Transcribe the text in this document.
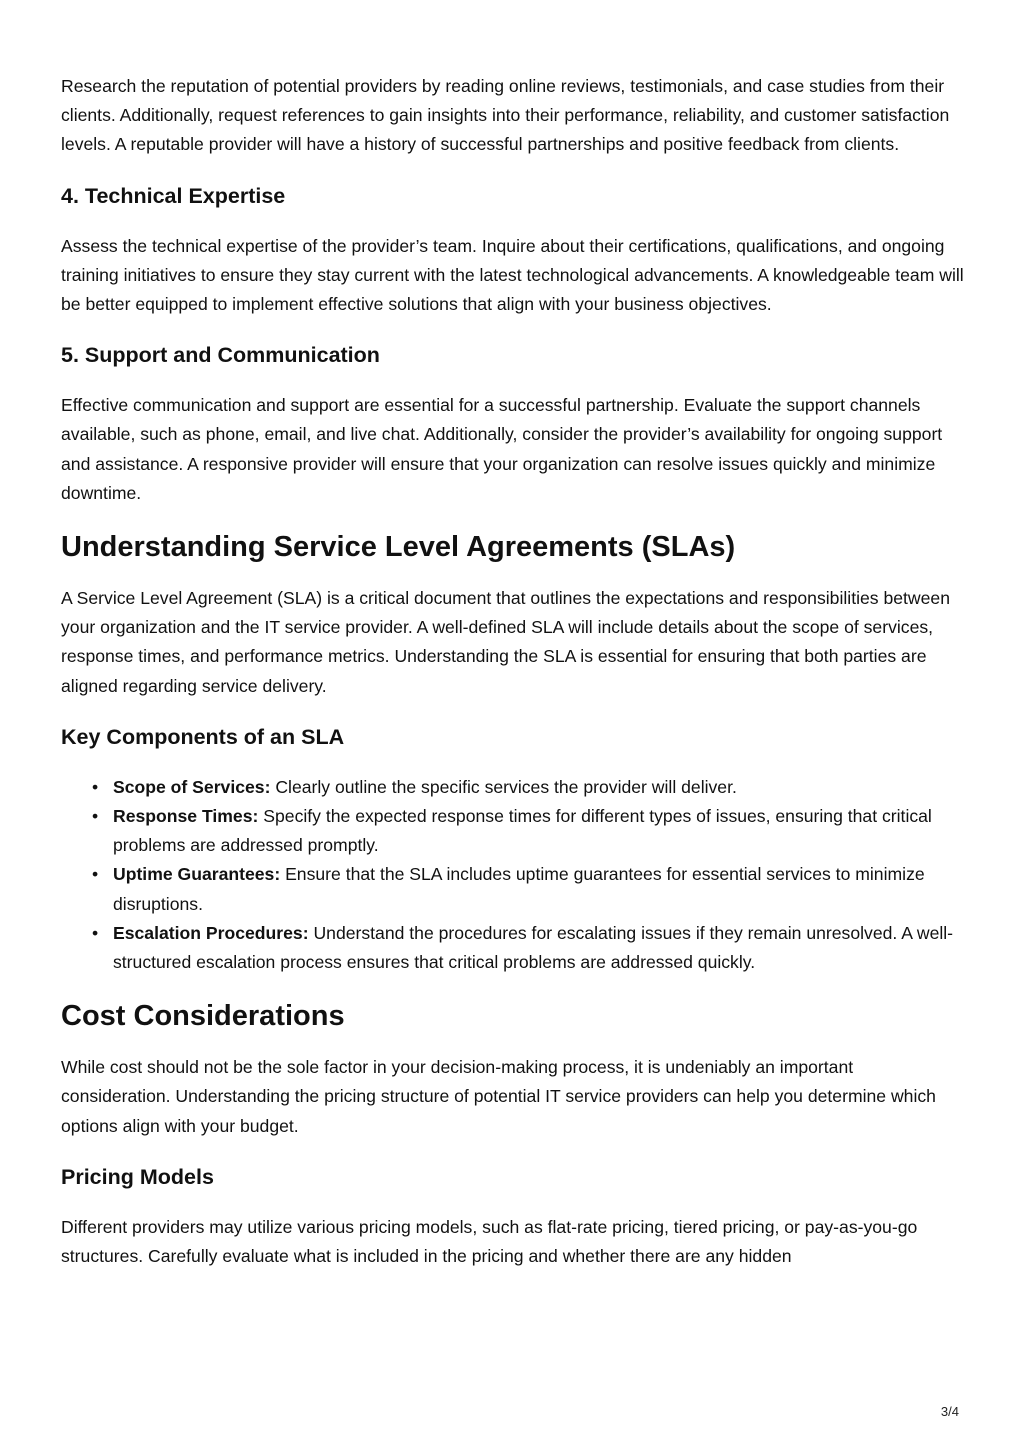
Research the reputation of potential providers by reading online reviews, testimonials, and case studies from their clients. Additionally, request references to gain insights into their performance, reliability, and customer satisfaction levels. A reputable provider will have a history of successful partnerships and positive feedback from clients.

4. Technical Expertise

Assess the technical expertise of the provider’s team. Inquire about their certifications, qualifications, and ongoing training initiatives to ensure they stay current with the latest technological advancements. A knowledgeable team will be better equipped to implement effective solutions that align with your business objectives.

5. Support and Communication

Effective communication and support are essential for a successful partnership. Evaluate the support channels available, such as phone, email, and live chat. Additionally, consider the provider’s availability for ongoing support and assistance. A responsive provider will ensure that your organization can resolve issues quickly and minimize downtime.

Understanding Service Level Agreements (SLAs)

A Service Level Agreement (SLA) is a critical document that outlines the expectations and responsibilities between your organization and the IT service provider. A well-defined SLA will include details about the scope of services, response times, and performance metrics. Understanding the SLA is essential for ensuring that both parties are aligned regarding service delivery.

Key Components of an SLA
• Scope of Services: Clearly outline the specific services the provider will deliver.
• Response Times: Specify the expected response times for different types of issues, ensuring that critical problems are addressed promptly.
• Uptime Guarantees: Ensure that the SLA includes uptime guarantees for essential services to minimize disruptions.
• Escalation Procedures: Understand the procedures for escalating issues if they remain unresolved. A well-structured escalation process ensures that critical problems are addressed quickly.
Cost Considerations

While cost should not be the sole factor in your decision-making process, it is undeniably an important consideration. Understanding the pricing structure of potential IT service providers can help you determine which options align with your budget.

Pricing Models

Different providers may utilize various pricing models, such as flat-rate pricing, tiered pricing, or pay-as-you-go structures. Carefully evaluate what is included in the pricing and whether there are any hidden

3/4
